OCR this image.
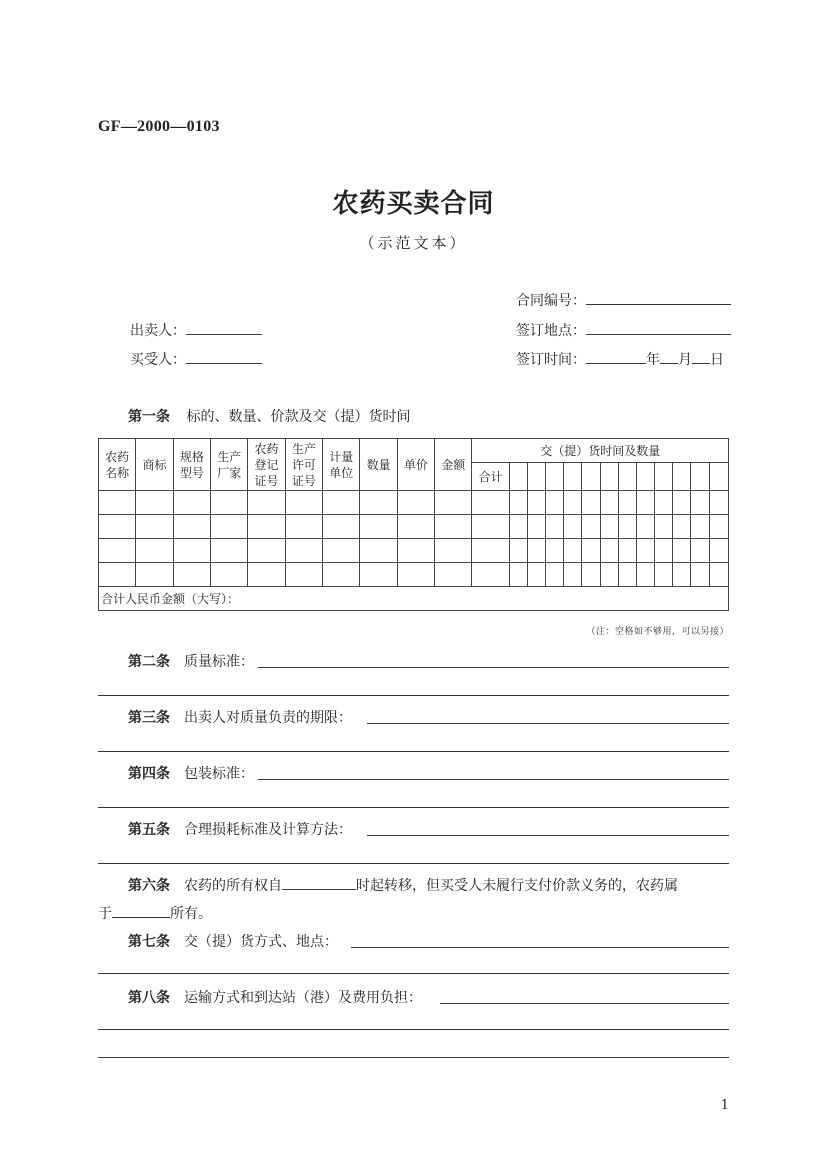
GF—2000—0103
农药买卖合同
（示范文本）
合同编号：
出卖人：	签订地点：
买受人：	签订时间：	年 月 日
第一条 标的、数量、价款及交（提）货时间
农药名称	商标	规格型号	生产厂家	农药登记证号	生产许可证号	计量单位	数量	单价	金额	交（提）货时间及数量												
										合计												

合计人民币金额（大写）：																						
（注：空格如不够用，可以另接）
第二条 质量标准：
第三条 出卖人对质量负责的期限：
第四条 包装标准：
第五条 合理损耗标准及计算方法：
第六条 农药的所有权自	时起转移，但买受人未履行支付价款义务的，农药属
于	所有。
第七条 交（提）货方式、地点：
第八条 运输方式和到达站（港）及费用负担：
1
